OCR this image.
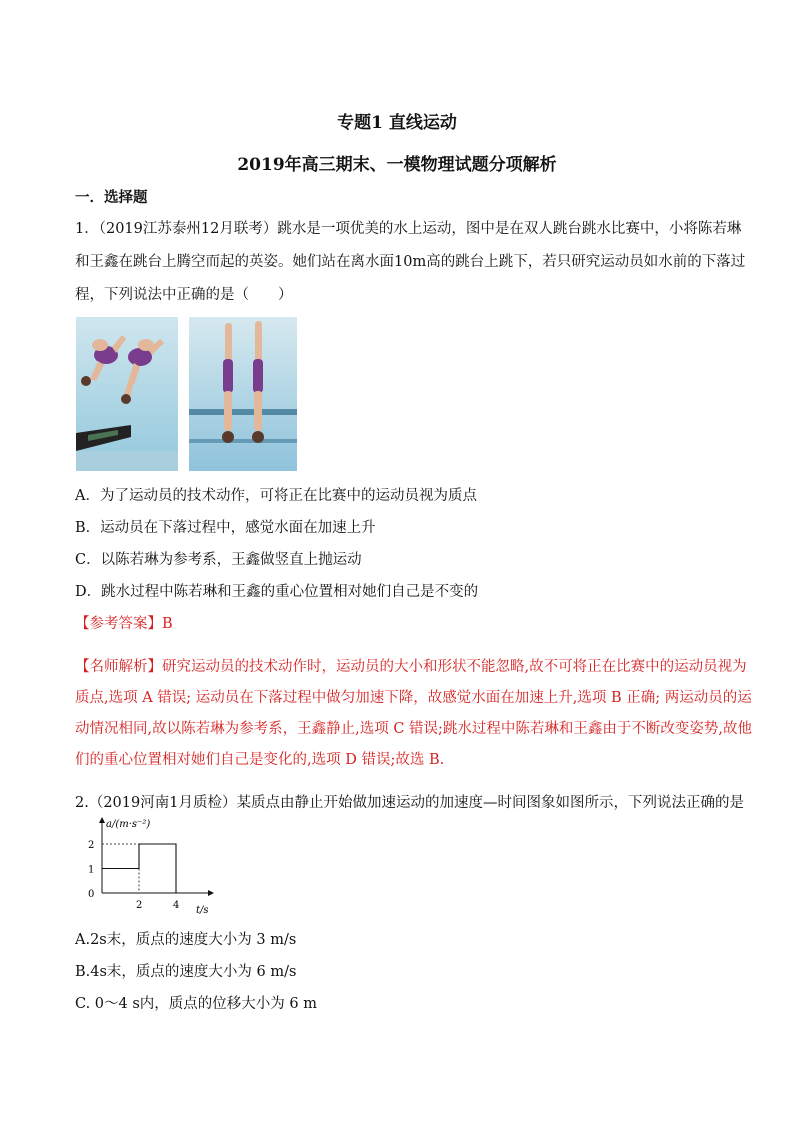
专题1 直线运动
2019年高三期末、一模物理试题分项解析
一．选择题
1．（2019江苏泰州12月联考）跳水是一项优美的水上运动，图中是在双人跳台跳水比赛中，小将陈若琳
和王鑫在跳台上腾空而起的英姿。她们站在离水面10m高的跳台上跳下，若只研究运动员如水前的下落过
程，下列说法中正确的是（　　）
A．为了运动员的技术动作，可将正在比赛中的运动员视为质点
B．运动员在下落过程中，感觉水面在加速上升
C．以陈若琳为参考系，王鑫做竖直上抛运动
D．跳水过程中陈若琳和王鑫的重心位置相对她们自己是不变的
【参考答案】B
【名师解析】研究运动员的技术动作时，运动员的大小和形状不能忽略,故不可将正在比赛中的运动员视为
质点,选项 A 错误; 运动员在下落过程中做匀加速下降，故感觉水面在加速上升,选项 B 正确; 两运动员的运
动情况相同,故以陈若琳为参考系，王鑫静止,选项 C 错误;跳水过程中陈若琳和王鑫由于不断改变姿势,故他
们的重心位置相对她们自己是变化的,选项 D 错误;故选 B.
2.（2019河南1月质检）某质点由静止开始做加速运动的加速度—时间图象如图所示，下列说法正确的是
a/(m·s⁻²)
t/s
0
1
2
2	4
A.2s末，质点的速度大小为 3 m/s
B.4s末，质点的速度大小为 6 m/s
C. 0～4 s内，质点的位移大小为 6 m
